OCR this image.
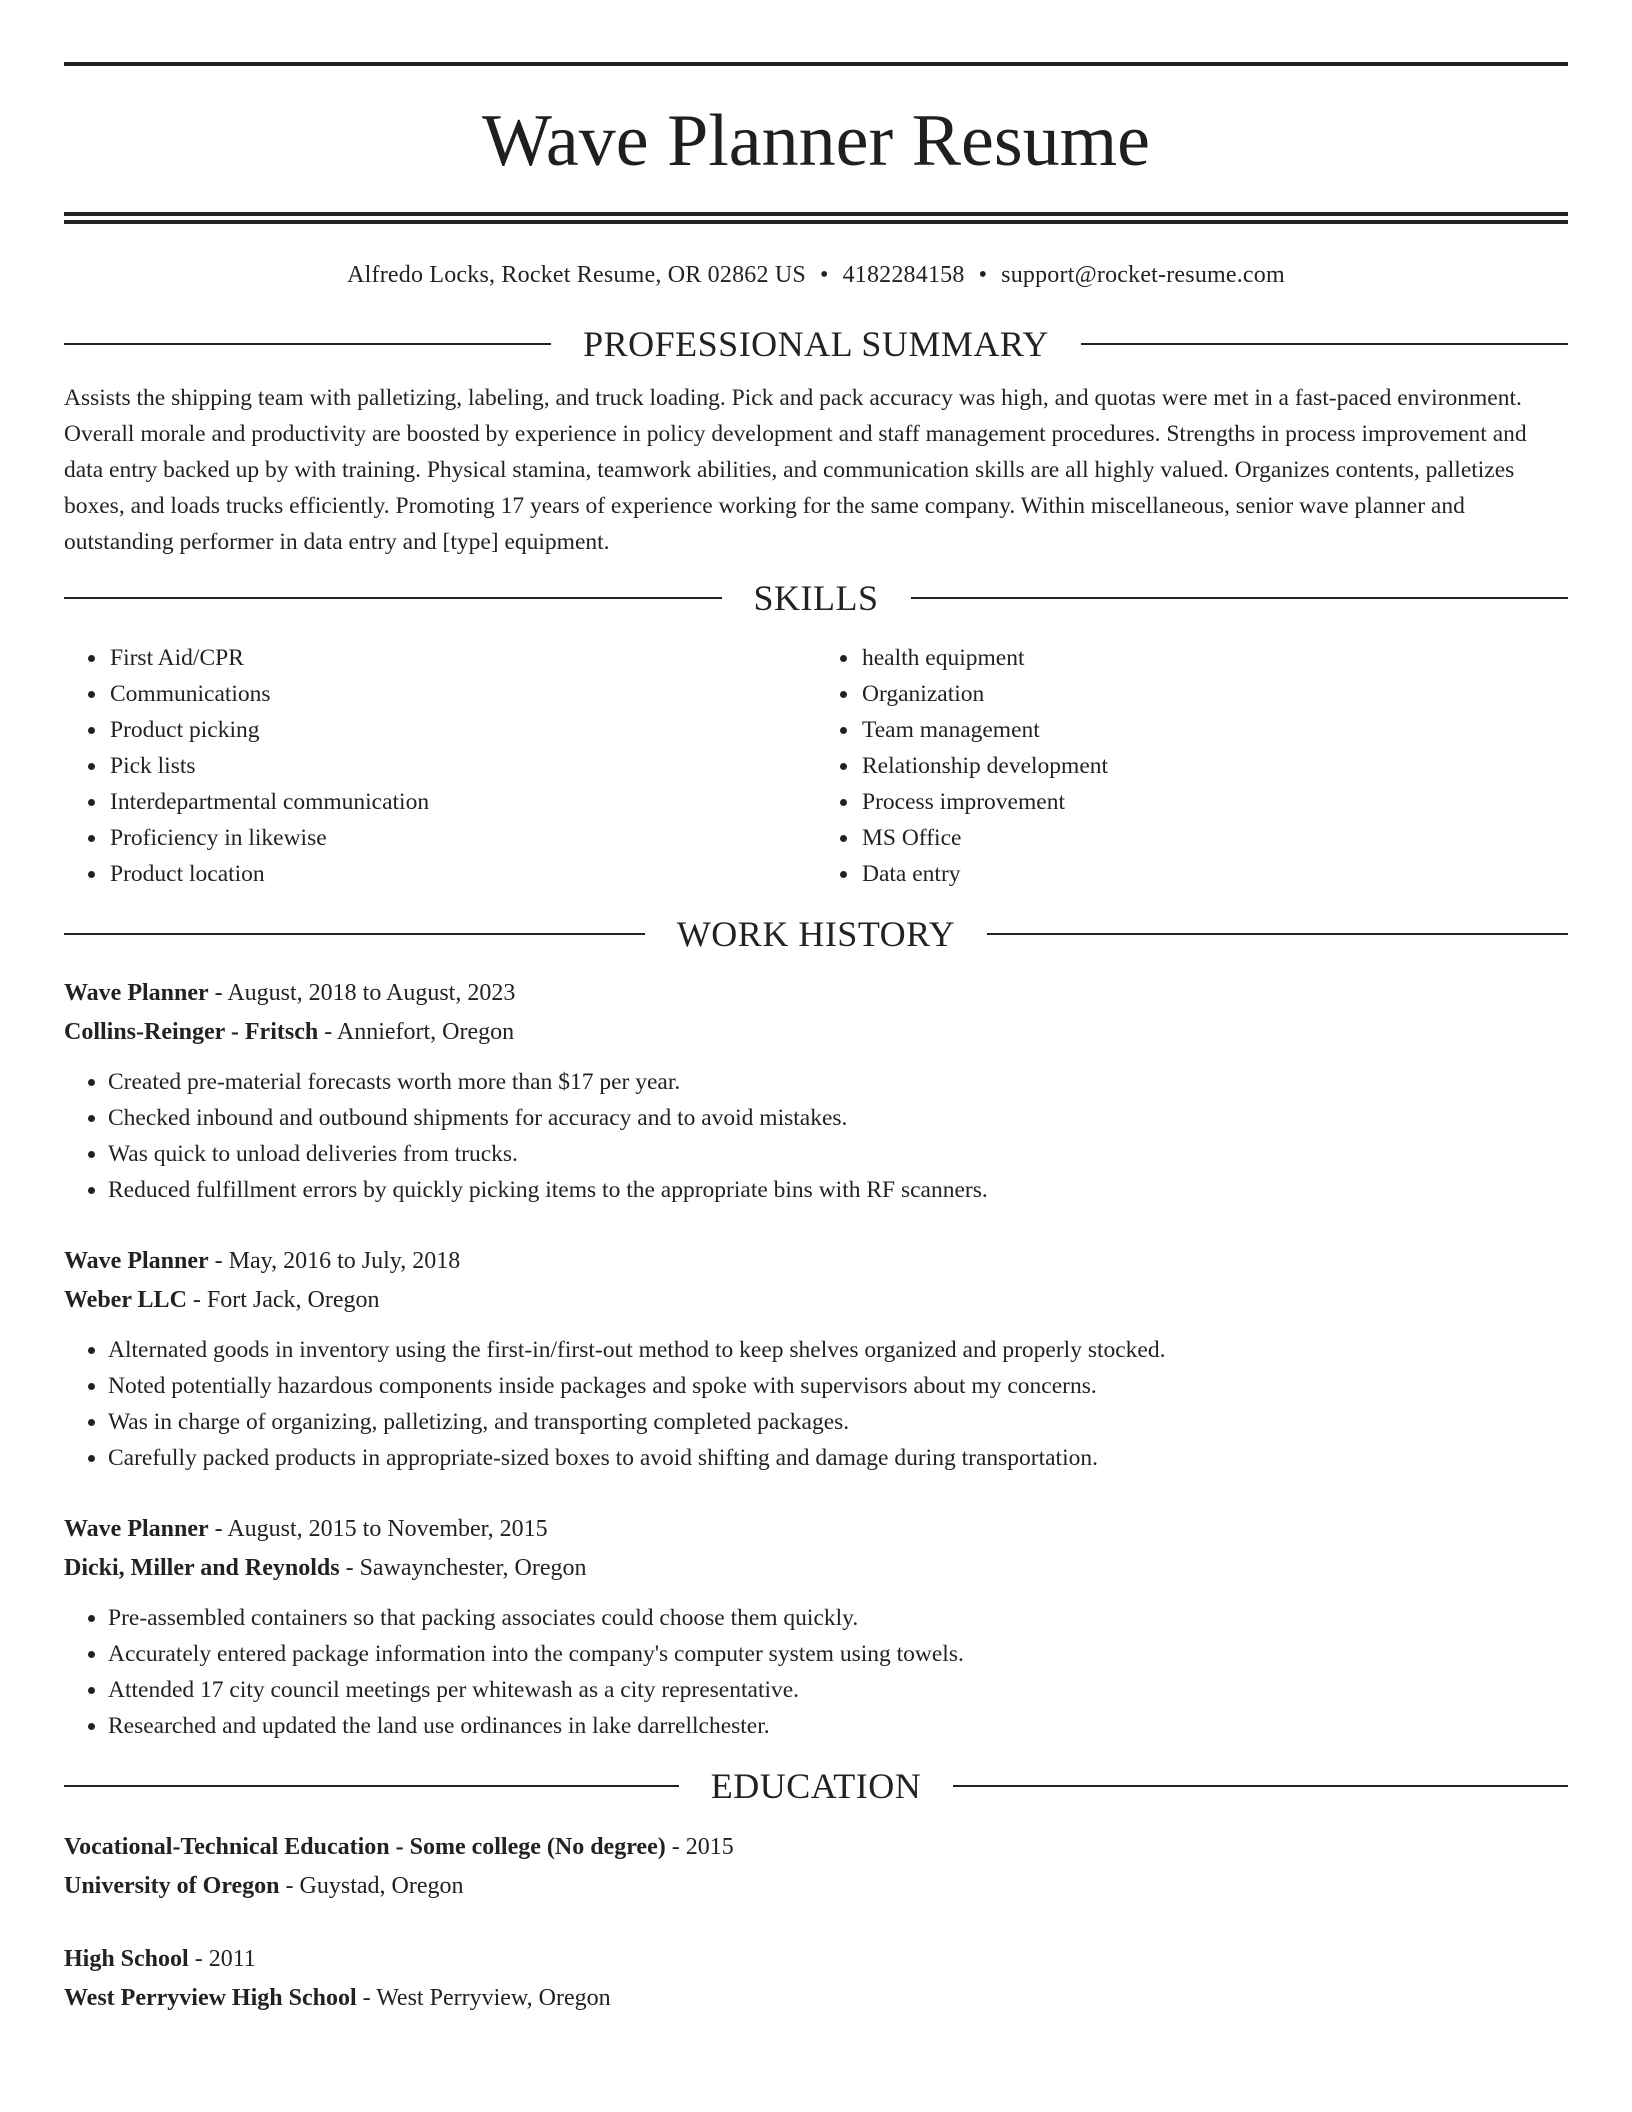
Wave Planner Resume
Alfredo Locks, Rocket Resume, OR 02862 US • 4182284158 • support@rocket-resume.com
PROFESSIONAL SUMMARY
Assists the shipping team with palletizing, labeling, and truck loading. Pick and pack accuracy was high, and quotas were met in a fast-paced environment. Overall morale and productivity are boosted by experience in policy development and staff management procedures. Strengths in process improvement and data entry backed up by with training. Physical stamina, teamwork abilities, and communication skills are all highly valued. Organizes contents, palletizes boxes, and loads trucks efficiently. Promoting 17 years of experience working for the same company. Within miscellaneous, senior wave planner and outstanding performer in data entry and [type] equipment.
SKILLS
• First Aid/CPR
• Communications
• Product picking
• Pick lists
• Interdepartmental communication
• Proficiency in likewise
• Product location
• health equipment
• Organization
• Team management
• Relationship development
• Process improvement
• MS Office
• Data entry
WORK HISTORY
Wave Planner - August, 2018 to August, 2023
Collins-Reinger - Fritsch - Anniefort, Oregon
• Created pre-material forecasts worth more than $17 per year.
• Checked inbound and outbound shipments for accuracy and to avoid mistakes.
• Was quick to unload deliveries from trucks.
• Reduced fulfillment errors by quickly picking items to the appropriate bins with RF scanners.
Wave Planner - May, 2016 to July, 2018
Weber LLC - Fort Jack, Oregon
• Alternated goods in inventory using the first-in/first-out method to keep shelves organized and properly stocked.
• Noted potentially hazardous components inside packages and spoke with supervisors about my concerns.
• Was in charge of organizing, palletizing, and transporting completed packages.
• Carefully packed products in appropriate-sized boxes to avoid shifting and damage during transportation.
Wave Planner - August, 2015 to November, 2015
Dicki, Miller and Reynolds - Sawaynchester, Oregon
• Pre-assembled containers so that packing associates could choose them quickly.
• Accurately entered package information into the company's computer system using towels.
• Attended 17 city council meetings per whitewash as a city representative.
• Researched and updated the land use ordinances in lake darrellchester.
EDUCATION
Vocational-Technical Education - Some college (No degree) - 2015
University of Oregon - Guystad, Oregon
High School - 2011
West Perryview High School - West Perryview, Oregon
